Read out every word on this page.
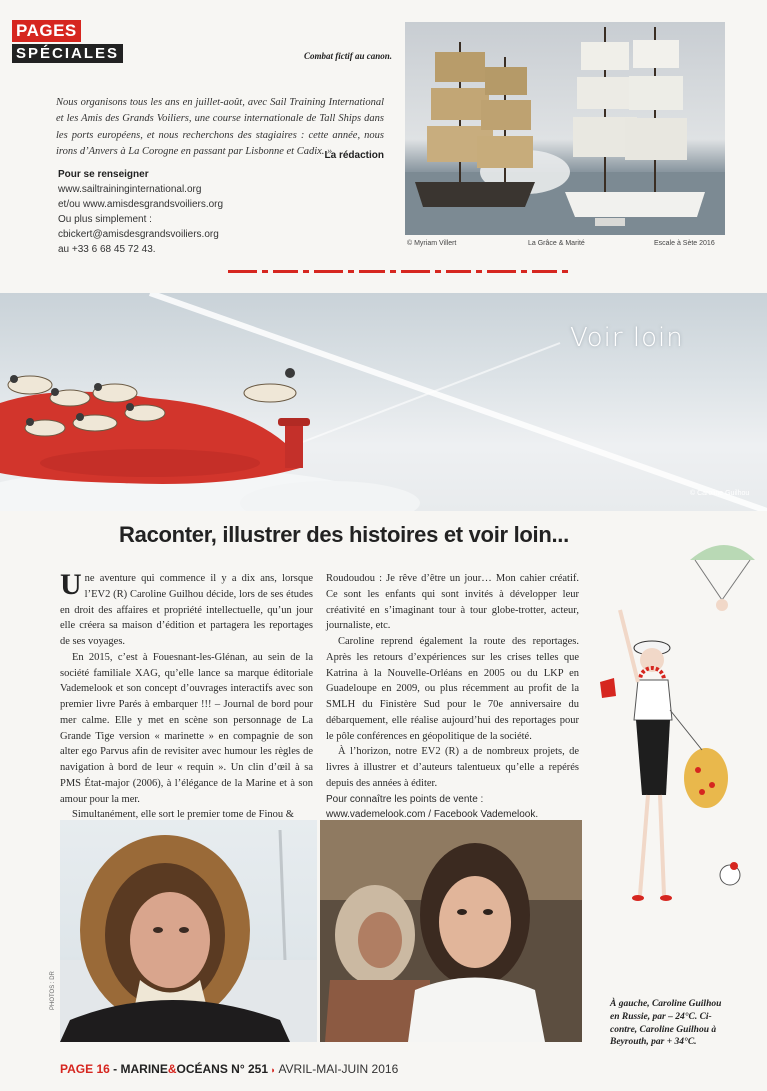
PAGES
SPÉCIALES	Combat fictif au canon.
Nous organisons tous les ans en juillet-août, avec Sail Training International et les Amis des Grands Voiliers, une course internationale de Tall Ships dans les ports européens, et nous recherchons des stagiaires : cette année, nous irons d’Anvers à La Corogne en passant par Lisbonne et Cadix. »
La rédaction
Pour se renseigner
www.sailtraininginternational.org
et/ou www.amisdesgrandsvoiliers.org
Ou plus simplement :
cbickert@amisdesgrandsvoiliers.org
au +33 6 68 45 72 43.
© Myriam Villert	La Grâce & Marité	Escale à Sète 2016
Voir loin
© Caroline Guilhou
Raconter, illustrer des histoires et voir loin...

Une aventure qui commence il y a dix ans, lorsque l’EV2 (R) Caroline Guilhou décide, lors de ses études en droit des affaires et propriété intellectuelle, qu’un jour elle créera sa maison d’édition et partagera les reportages de ses voyages.

En 2015, c’est à Fouesnant-les-Glénan, au sein de la société familiale XAG, qu’elle lance sa marque éditoriale Vademelook et son concept d’ouvrages interactifs avec son premier livre Parés à embarquer !!! – Journal de bord pour mer calme. Elle y met en scène son personnage de La Grande Tige version « marinette » en compagnie de son alter ego Parvus afin de revisiter avec humour les règles de navigation à bord de leur « requin ». Un clin d’œil à sa PMS État-major (2006), à l’élégance de la Marine et à son amour pour la mer.

Simultanément, elle sort le premier tome de Finou &

Roudoudou : Je rêve d’être un jour… Mon cahier créatif. Ce sont les enfants qui sont invités à développer leur créativité en s’imaginant tour à tour globe-trotter, acteur, journaliste, etc.

Caroline reprend également la route des reportages. Après les retours d’expériences sur les crises telles que Katrina à la Nouvelle-Orléans en 2005 ou du LKP en Guadeloupe en 2009, ou plus récemment au profit de la SMLH du Finistère Sud pour le 70e anniversaire du débarquement, elle réalise aujourd’hui des reportages pour le pôle conférences en géopolitique de la société.

À l’horizon, notre EV2 (R) a de nombreux projets, de livres à illustrer et d’auteurs talentueux qu’elle a repérés depuis des années à éditer.

Pour connaître les points de vente :

www.vademelook.com / Facebook Vademelook.

PHOTOS : DR	À gauche, Caroline Guilhou en Russie, par – 24°C. Ci-contre, Caroline Guilhou à Beyrouth, par + 34°C.
PAGE 16 - MARINE&OCÉANS N° 251 ◗ AVRIL-MAI-JUIN 2016
